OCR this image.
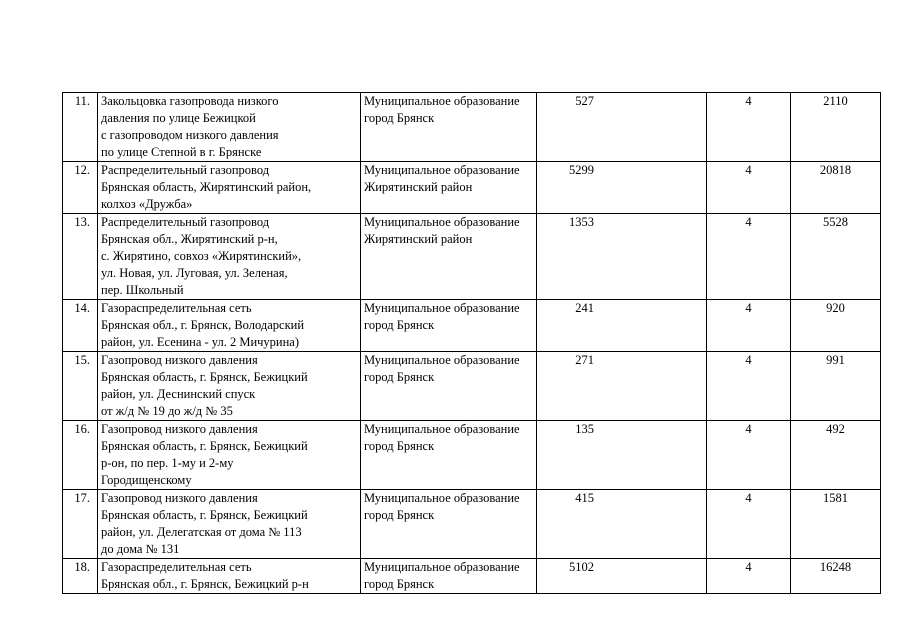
11.	Закольцовка газопровода низкого
давления по улице Бежицкой
с газопроводом низкого давления
по улице Степной в г. Брянске	Муниципальное образование
город Брянск	527	4	2110
12.	Распределительный газопровод
Брянская область, Жирятинский район,
колхоз «Дружба»	Муниципальное образование
Жирятинский район	5299	4	20818
13.	Распределительный газопровод
Брянская обл., Жирятинский р-н,
с. Жирятино, совхоз «Жирятинский»,
ул. Новая, ул. Луговая, ул. Зеленая,
пер. Школьный	Муниципальное образование
Жирятинский район	1353	4	5528
14.	Газораспределительная сеть
Брянская обл., г. Брянск, Володарский
район, ул. Есенина - ул. 2 Мичурина)	Муниципальное образование
город Брянск	241	4	920
15.	Газопровод низкого давления
Брянская область, г. Брянск, Бежицкий
район, ул. Деснинский спуск
от ж/д № 19 до ж/д № 35	Муниципальное образование
город Брянск	271	4	991
16.	Газопровод низкого давления
Брянская область, г. Брянск, Бежицкий
р-он, по пер. 1-му и 2-му
Городищенскому	Муниципальное образование
город Брянск	135	4	492
17.	Газопровод низкого давления
Брянская область, г. Брянск, Бежицкий
район, ул. Делегатская от дома № 113
до дома № 131	Муниципальное образование
город Брянск	415	4	1581
18.	Газораспределительная сеть
Брянская обл., г. Брянск, Бежицкий р-н	Муниципальное образование
город Брянск	5102	4	16248
